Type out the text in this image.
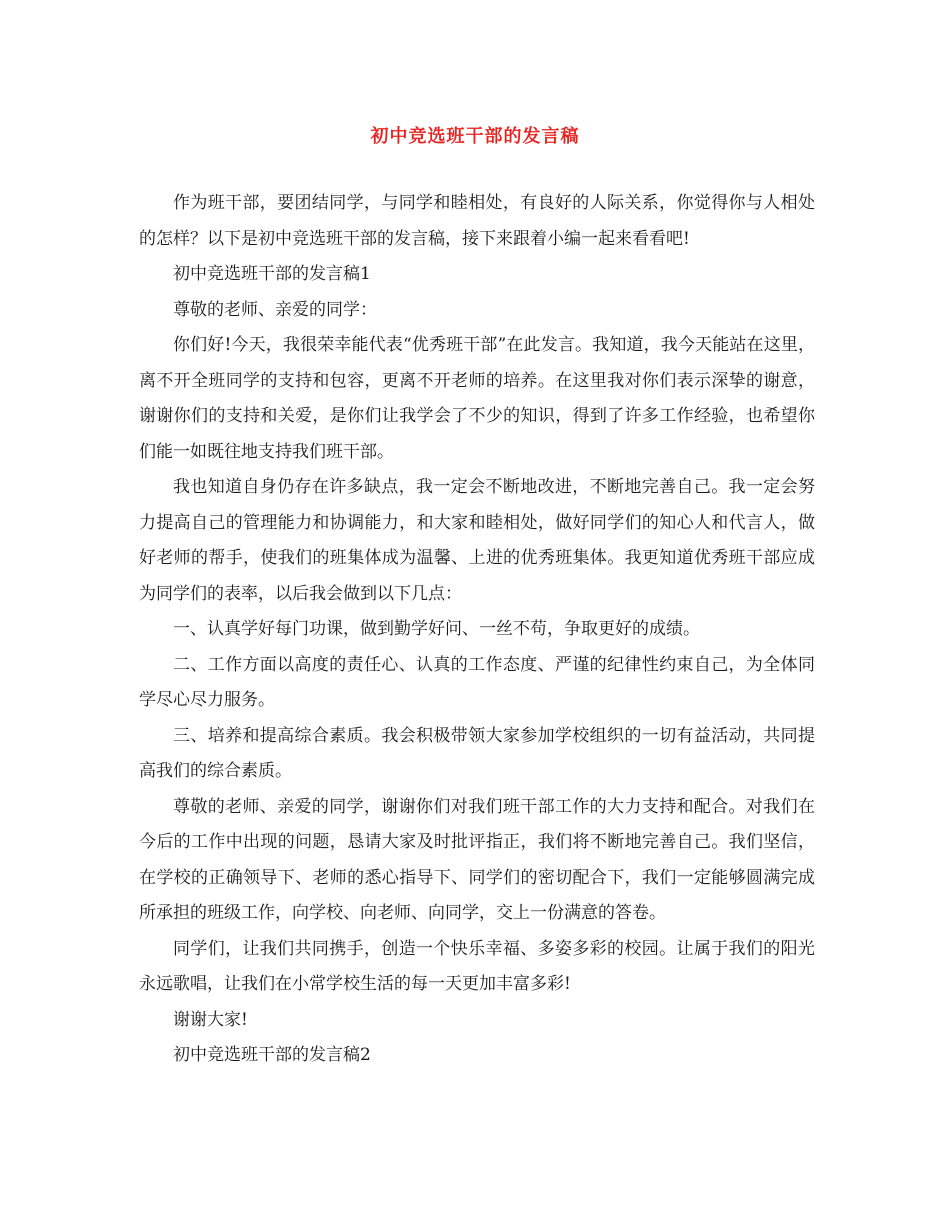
初中竞选班干部的发言稿

作为班干部，要团结同学，与同学和睦相处，有良好的人际关系，你觉得你与人相处的怎样？以下是初中竞选班干部的发言稿，接下来跟着小编一起来看看吧!

初中竞选班干部的发言稿1

尊敬的老师、亲爱的同学：

你们好!今天，我很荣幸能代表“优秀班干部”在此发言。我知道，我今天能站在这里，离不开全班同学的支持和包容，更离不开老师的培养。在这里我对你们表示深挚的谢意，谢谢你们的支持和关爱，是你们让我学会了不少的知识，得到了许多工作经验，也希望你们能一如既往地支持我们班干部。

我也知道自身仍存在许多缺点，我一定会不断地改进，不断地完善自己。我一定会努力提高自己的管理能力和协调能力，和大家和睦相处，做好同学们的知心人和代言人，做好老师的帮手，使我们的班集体成为温馨、上进的优秀班集体。我更知道优秀班干部应成为同学们的表率，以后我会做到以下几点：

一、认真学好每门功课，做到勤学好问、一丝不苟，争取更好的成绩。

二、工作方面以高度的责任心、认真的工作态度、严谨的纪律性约束自己，为全体同学尽心尽力服务。

三、培养和提高综合素质。我会积极带领大家参加学校组织的一切有益活动，共同提高我们的综合素质。

尊敬的老师、亲爱的同学，谢谢你们对我们班干部工作的大力支持和配合。对我们在今后的工作中出现的问题，恳请大家及时批评指正，我们将不断地完善自己。我们坚信，在学校的正确领导下、老师的悉心指导下、同学们的密切配合下，我们一定能够圆满完成所承担的班级工作，向学校、向老师、向同学，交上一份满意的答卷。

同学们，让我们共同携手，创造一个快乐幸福、多姿多彩的校园。让属于我们的阳光永远歌唱，让我们在小常学校生活的每一天更加丰富多彩!

谢谢大家!

初中竞选班干部的发言稿2
